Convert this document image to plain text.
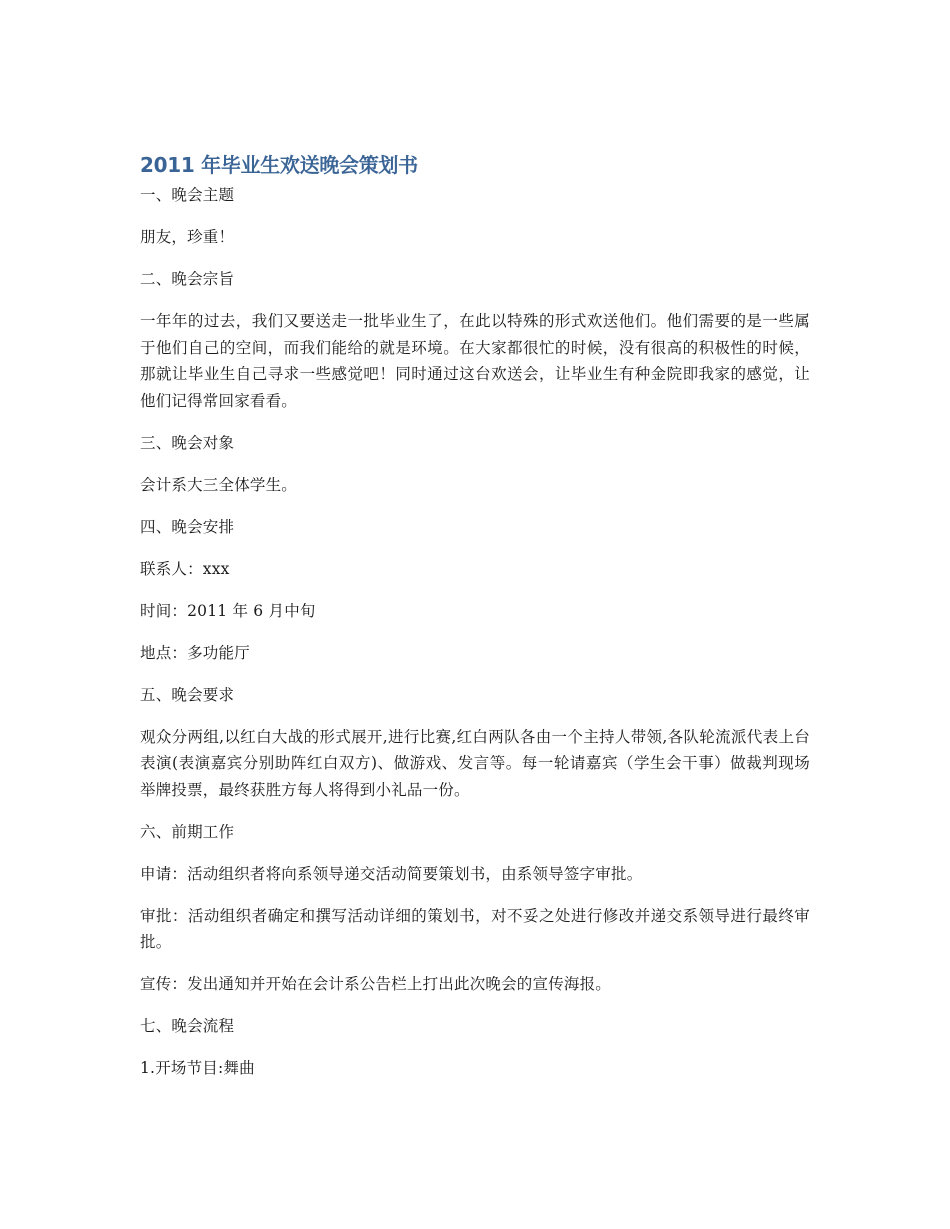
2011 年毕业生欢送晚会策划书

一、晚会主题

朋友，珍重！

二、晚会宗旨

一年年的过去，我们又要送走一批毕业生了，在此以特殊的形式欢送他们。他们需要的是一些属于他们自己的空间，而我们能给的就是环境。在大家都很忙的时候，没有很高的积极性的时候，那就让毕业生自己寻求一些感觉吧！同时通过这台欢送会，让毕业生有种金院即我家的感觉，让他们记得常回家看看。

三、晚会对象

会计系大三全体学生。

四、晚会安排

联系人：xxx

时间：2011 年 6 月中旬

地点：多功能厅

五、晚会要求

观众分两组,以红白大战的形式展开,进行比赛,红白两队各由一个主持人带领,各队轮流派代表上台表演(表演嘉宾分别助阵红白双方)、做游戏、发言等。每一轮请嘉宾（学生会干事）做裁判现场举牌投票，最终获胜方每人将得到小礼品一份。

六、前期工作

申请：活动组织者将向系领导递交活动简要策划书，由系领导签字审批。

审批：活动组织者确定和撰写活动详细的策划书，对不妥之处进行修改并递交系领导进行最终审批。

宣传：发出通知并开始在会计系公告栏上打出此次晚会的宣传海报。

七、晚会流程

1.开场节目:舞曲
